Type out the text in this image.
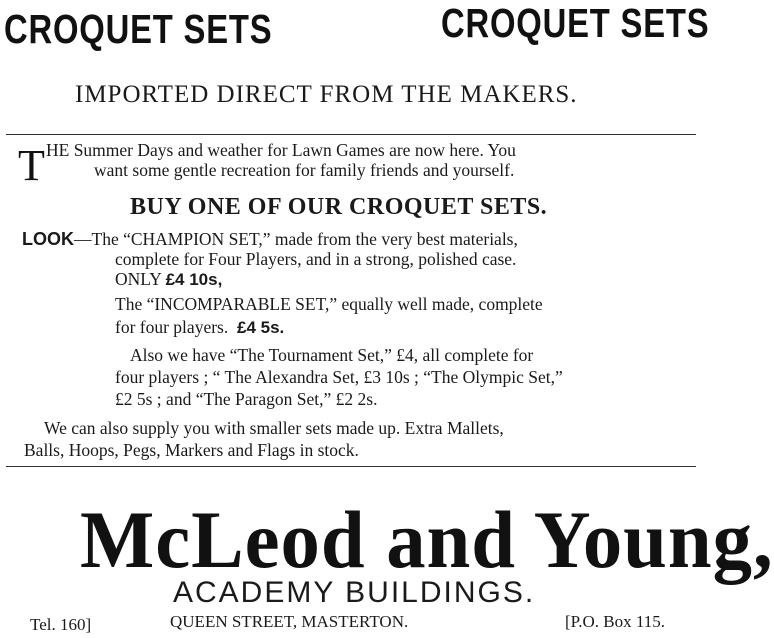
CROQUET SETS	CROQUET SETS
IMPORTED DIRECT FROM THE MAKERS.
T HE Summer Days and weather for Lawn Games are now here. You
want some gentle recreation for family friends and yourself.
BUY ONE OF OUR CROQUET SETS.
LOOK—The “CHAMPION SET,” made from the very best materials,
complete for Four Players, and in a strong, polished case.
ONLY £4 10s,
The “INCOMPARABLE SET,” equally well made, complete
for four players. £4 5s.
Also we have “The Tournament Set,” £4, all complete for
four players ; “ The Alexandra Set, £3 10s ; “The Olympic Set,”
£2 5s ; and “The Paragon Set,” £2 2s.
We can also supply you with smaller sets made up. Extra Mallets,
Balls, Hoops, Pegs, Markers and Flags in stock.
McLeod and Young,
ACADEMY BUILDINGS.
Tel. 160]	QUEEN STREET, MASTERTON.	[P.O. Box 115.
